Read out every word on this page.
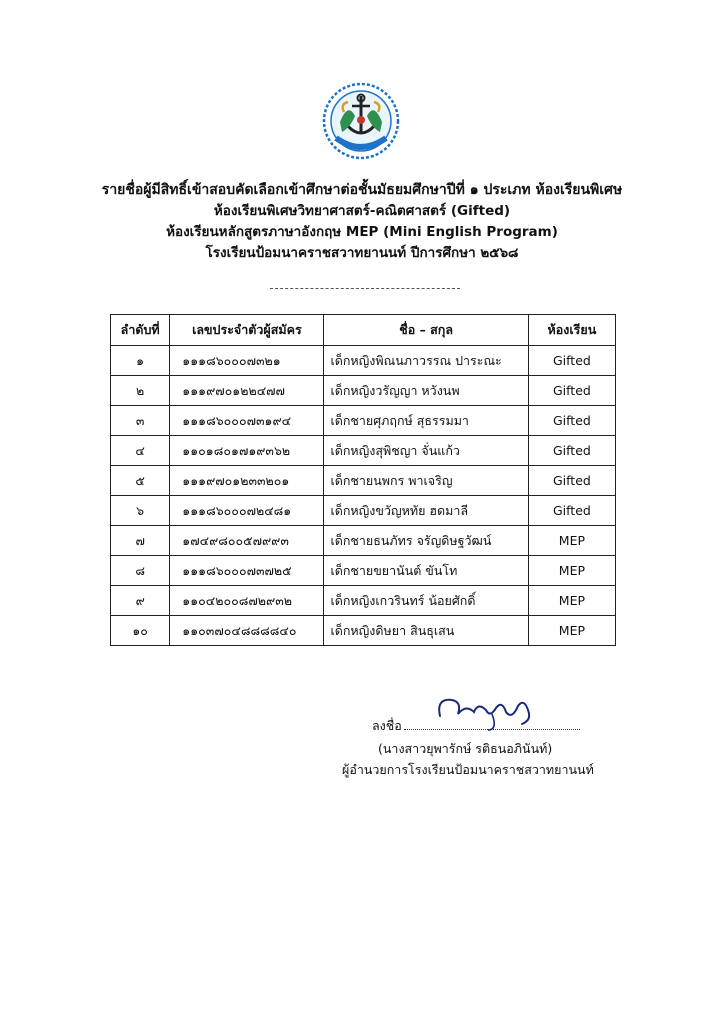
รายชื่อผู้มีสิทธิ์เข้าสอบคัดเลือกเข้าศึกษาต่อชั้นมัธยมศึกษาปีที่ ๑ ประเภท ห้องเรียนพิเศษ
ห้องเรียนพิเศษวิทยาศาสตร์-คณิตศาสตร์ (Gifted)
ห้องเรียนหลักสูตรภาษาอังกฤษ MEP (Mini English Program)
โรงเรียนป้อมนาคราชสวาทยานนท์ ปีการศึกษา ๒๕๖๘
ลำดับที่	เลขประจำตัวผู้สมัคร	ชื่อ – สกุล	ห้องเรียน
๑	๑๑๑๘๖๐๐๐๗๓๒๑	เด็กหญิงพิณนภาวรรณ ปาระณะ	Gifted
๒	๑๑๑๙๗๐๑๒๒๔๗๗	เด็กหญิงวรัญญา หวังนพ	Gifted
๓	๑๑๑๘๖๐๐๐๗๓๑๙๔	เด็กชายศุภฤกษ์ สุธรรมมา	Gifted
๔	๑๑๐๑๘๐๑๗๑๙๓๖๒	เด็กหญิงสุพิชญา จั่นแก้ว	Gifted
๕	๑๑๑๙๗๐๑๒๓๓๒๐๑	เด็กชายนพกร พาเจริญ	Gifted
๖	๑๑๑๘๖๐๐๐๗๒๔๘๑	เด็กหญิงขวัญหทัย ฮดมาลี	Gifted
๗	๑๗๔๙๘๐๐๕๗๙๙๓	เด็กชายธนภัทร จรัญดิษฐวัฒน์	MEP
๘	๑๑๑๘๖๐๐๐๗๓๗๒๕	เด็กชายขยานันต์ ขันโท	MEP
๙	๑๑๐๔๒๐๐๘๗๒๙๓๒	เด็กหญิงเกวรินทร์ น้อยศักดิ์	MEP
๑๐	๑๑๐๓๗๐๔๘๘๘๘๔๐	เด็กหญิงดิษยา สินธุเสน	MEP
ลงชื่อ
(นางสาวยุพารักษ์ รติธนอภินันท์)
ผู้อำนวยการโรงเรียนป้อมนาคราชสวาทยานนท์
